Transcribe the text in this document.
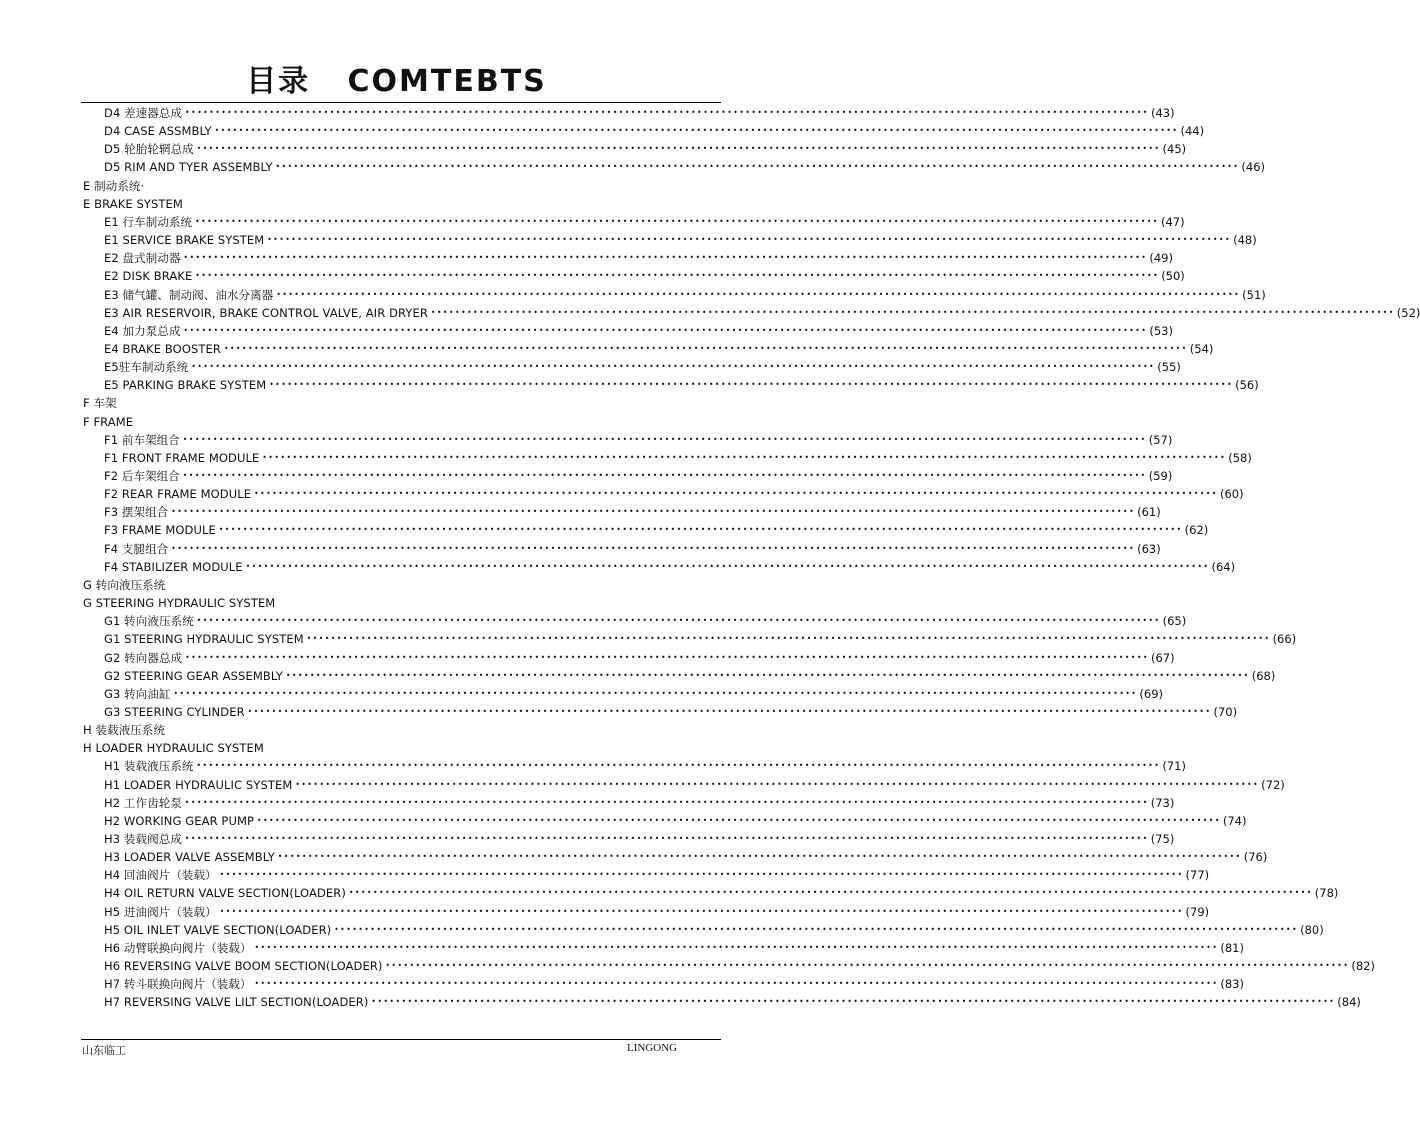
目录   COMTEBTS
D4 差速器总成 •••••••••••••••••••••••••••••••••••••••••••••••••••••••••••••••••••••••••••••••••••••••••••••••••••••••••••••••••••••••••••••••••••••••••••••••••••••••••••••••• (43)
D4 CASE ASSMBLY •••••••••••••••••••••••••••••••••••••••••••••••••••••••••••••••••••••••••••••••••••••••••••••••••••••••••••••••••••••••••••••••••••••••••••••••••••••••••••••••• (44)
D5 轮胎轮辋总成 •••••••••••••••••••••••••••••••••••••••••••••••••••••••••••••••••••••••••••••••••••••••••••••••••••••••••••••••••••••••••••••••••••••••••••••••••••••••••••••••• (45)
D5 RIM AND TYER ASSEMBLY •••••••••••••••••••••••••••••••••••••••••••••••••••••••••••••••••••••••••••••••••••••••••••••••••••••••••••••••••••••••••••••••••••••••••••••••••••••••••••••••• (46)
E 制动系统·
E BRAKE SYSTEM
E1 行车制动系统 •••••••••••••••••••••••••••••••••••••••••••••••••••••••••••••••••••••••••••••••••••••••••••••••••••••••••••••••••••••••••••••••••••••••••••••••••••••••••••••••• (47)
E1 SERVICE BRAKE SYSTEM •••••••••••••••••••••••••••••••••••••••••••••••••••••••••••••••••••••••••••••••••••••••••••••••••••••••••••••••••••••••••••••••••••••••••••••••••••••••••••••••• (48)
E2 盘式制动器 •••••••••••••••••••••••••••••••••••••••••••••••••••••••••••••••••••••••••••••••••••••••••••••••••••••••••••••••••••••••••••••••••••••••••••••••••••••••••••••••• (49)
E2 DISK BRAKE •••••••••••••••••••••••••••••••••••••••••••••••••••••••••••••••••••••••••••••••••••••••••••••••••••••••••••••••••••••••••••••••••••••••••••••••••••••••••••••••• (50)
E3 储气罐、制动阀、油水分离器 •••••••••••••••••••••••••••••••••••••••••••••••••••••••••••••••••••••••••••••••••••••••••••••••••••••••••••••••••••••••••••••••••••••••••••••••••••••••••••••••• (51)
E3 AIR RESERVOIR, BRAKE CONTROL VALVE, AIR DRYER •••••••••••••••••••••••••••••••••••••••••••••••••••••••••••••••••••••••••••••••••••••••••••••••••••••••••••••••••••••••••••••••••••••••••••••••••••••••••••••••• (52)
E4 加力泵总成 •••••••••••••••••••••••••••••••••••••••••••••••••••••••••••••••••••••••••••••••••••••••••••••••••••••••••••••••••••••••••••••••••••••••••••••••••••••••••••••••• (53)
E4 BRAKE BOOSTER •••••••••••••••••••••••••••••••••••••••••••••••••••••••••••••••••••••••••••••••••••••••••••••••••••••••••••••••••••••••••••••••••••••••••••••••••••••••••••••••• (54)
E5驻车制动系统 •••••••••••••••••••••••••••••••••••••••••••••••••••••••••••••••••••••••••••••••••••••••••••••••••••••••••••••••••••••••••••••••••••••••••••••••••••••••••••••••• (55)
E5 PARKING BRAKE SYSTEM •••••••••••••••••••••••••••••••••••••••••••••••••••••••••••••••••••••••••••••••••••••••••••••••••••••••••••••••••••••••••••••••••••••••••••••••••••••••••••••••• (56)
F 车架
F FRAME
F1 前车架组合 •••••••••••••••••••••••••••••••••••••••••••••••••••••••••••••••••••••••••••••••••••••••••••••••••••••••••••••••••••••••••••••••••••••••••••••••••••••••••••••••• (57)
F1 FRONT FRAME MODULE •••••••••••••••••••••••••••••••••••••••••••••••••••••••••••••••••••••••••••••••••••••••••••••••••••••••••••••••••••••••••••••••••••••••••••••••••••••••••••••••• (58)
F2 后车架组合 •••••••••••••••••••••••••••••••••••••••••••••••••••••••••••••••••••••••••••••••••••••••••••••••••••••••••••••••••••••••••••••••••••••••••••••••••••••••••••••••• (59)
F2 REAR FRAME MODULE •••••••••••••••••••••••••••••••••••••••••••••••••••••••••••••••••••••••••••••••••••••••••••••••••••••••••••••••••••••••••••••••••••••••••••••••••••••••••••••••• (60)
F3 摆架组合 •••••••••••••••••••••••••••••••••••••••••••••••••••••••••••••••••••••••••••••••••••••••••••••••••••••••••••••••••••••••••••••••••••••••••••••••••••••••••••••••• (61)
F3 FRAME MODULE •••••••••••••••••••••••••••••••••••••••••••••••••••••••••••••••••••••••••••••••••••••••••••••••••••••••••••••••••••••••••••••••••••••••••••••••••••••••••••••••• (62)
F4 支腿组合 •••••••••••••••••••••••••••••••••••••••••••••••••••••••••••••••••••••••••••••••••••••••••••••••••••••••••••••••••••••••••••••••••••••••••••••••••••••••••••••••• (63)
F4 STABILIZER MODULE •••••••••••••••••••••••••••••••••••••••••••••••••••••••••••••••••••••••••••••••••••••••••••••••••••••••••••••••••••••••••••••••••••••••••••••••••••••••••••••••• (64)
G 转向液压系统
G STEERING HYDRAULIC SYSTEM
G1 转向液压系统 •••••••••••••••••••••••••••••••••••••••••••••••••••••••••••••••••••••••••••••••••••••••••••••••••••••••••••••••••••••••••••••••••••••••••••••••••••••••••••••••• (65)
G1 STEERING HYDRAULIC SYSTEM •••••••••••••••••••••••••••••••••••••••••••••••••••••••••••••••••••••••••••••••••••••••••••••••••••••••••••••••••••••••••••••••••••••••••••••••••••••••••••••••• (66)
G2 转向器总成 •••••••••••••••••••••••••••••••••••••••••••••••••••••••••••••••••••••••••••••••••••••••••••••••••••••••••••••••••••••••••••••••••••••••••••••••••••••••••••••••• (67)
G2 STEERING GEAR ASSEMBLY •••••••••••••••••••••••••••••••••••••••••••••••••••••••••••••••••••••••••••••••••••••••••••••••••••••••••••••••••••••••••••••••••••••••••••••••••••••••••••••••• (68)
G3 转向油缸 •••••••••••••••••••••••••••••••••••••••••••••••••••••••••••••••••••••••••••••••••••••••••••••••••••••••••••••••••••••••••••••••••••••••••••••••••••••••••••••••• (69)
G3 STEERING CYLINDER •••••••••••••••••••••••••••••••••••••••••••••••••••••••••••••••••••••••••••••••••••••••••••••••••••••••••••••••••••••••••••••••••••••••••••••••••••••••••••••••• (70)
H 装载液压系统
H LOADER HYDRAULIC SYSTEM
H1 装载液压系统 •••••••••••••••••••••••••••••••••••••••••••••••••••••••••••••••••••••••••••••••••••••••••••••••••••••••••••••••••••••••••••••••••••••••••••••••••••••••••••••••• (71)
H1 LOADER HYDRAULIC SYSTEM •••••••••••••••••••••••••••••••••••••••••••••••••••••••••••••••••••••••••••••••••••••••••••••••••••••••••••••••••••••••••••••••••••••••••••••••••••••••••••••••• (72)
H2 工作齿轮泵 •••••••••••••••••••••••••••••••••••••••••••••••••••••••••••••••••••••••••••••••••••••••••••••••••••••••••••••••••••••••••••••••••••••••••••••••••••••••••••••••• (73)
H2 WORKING GEAR PUMP •••••••••••••••••••••••••••••••••••••••••••••••••••••••••••••••••••••••••••••••••••••••••••••••••••••••••••••••••••••••••••••••••••••••••••••••••••••••••••••••• (74)
H3 装载阀总成 •••••••••••••••••••••••••••••••••••••••••••••••••••••••••••••••••••••••••••••••••••••••••••••••••••••••••••••••••••••••••••••••••••••••••••••••••••••••••••••••• (75)
H3 LOADER VALVE ASSEMBLY •••••••••••••••••••••••••••••••••••••••••••••••••••••••••••••••••••••••••••••••••••••••••••••••••••••••••••••••••••••••••••••••••••••••••••••••••••••••••••••••• (76)
H4 回油阀片（装载） •••••••••••••••••••••••••••••••••••••••••••••••••••••••••••••••••••••••••••••••••••••••••••••••••••••••••••••••••••••••••••••••••••••••••••••••••••••••••••••••• (77)
H4 OIL RETURN VALVE SECTION(LOADER) •••••••••••••••••••••••••••••••••••••••••••••••••••••••••••••••••••••••••••••••••••••••••••••••••••••••••••••••••••••••••••••••••••••••••••••••••••••••••••••••• (78)
H5 进油阀片（装载） •••••••••••••••••••••••••••••••••••••••••••••••••••••••••••••••••••••••••••••••••••••••••••••••••••••••••••••••••••••••••••••••••••••••••••••••••••••••••••••••• (79)
H5 OIL INLET VALVE SECTION(LOADER) •••••••••••••••••••••••••••••••••••••••••••••••••••••••••••••••••••••••••••••••••••••••••••••••••••••••••••••••••••••••••••••••••••••••••••••••••••••••••••••••• (80)
H6 动臂联换向阀片（装载） •••••••••••••••••••••••••••••••••••••••••••••••••••••••••••••••••••••••••••••••••••••••••••••••••••••••••••••••••••••••••••••••••••••••••••••••••••••••••••••••• (81)
H6 REVERSING VALVE BOOM SECTION(LOADER) •••••••••••••••••••••••••••••••••••••••••••••••••••••••••••••••••••••••••••••••••••••••••••••••••••••••••••••••••••••••••••••••••••••••••••••••••••••••••••••••• (82)
H7 转斗联换向阀片（装载） •••••••••••••••••••••••••••••••••••••••••••••••••••••••••••••••••••••••••••••••••••••••••••••••••••••••••••••••••••••••••••••••••••••••••••••••••••••••••••••••• (83)
H7 REVERSING VALVE LILT SECTION(LOADER) •••••••••••••••••••••••••••••••••••••••••••••••••••••••••••••••••••••••••••••••••••••••••••••••••••••••••••••••••••••••••••••••••••••••••••••••••••••••••••••••• (84)
山东临工	LINGONG
